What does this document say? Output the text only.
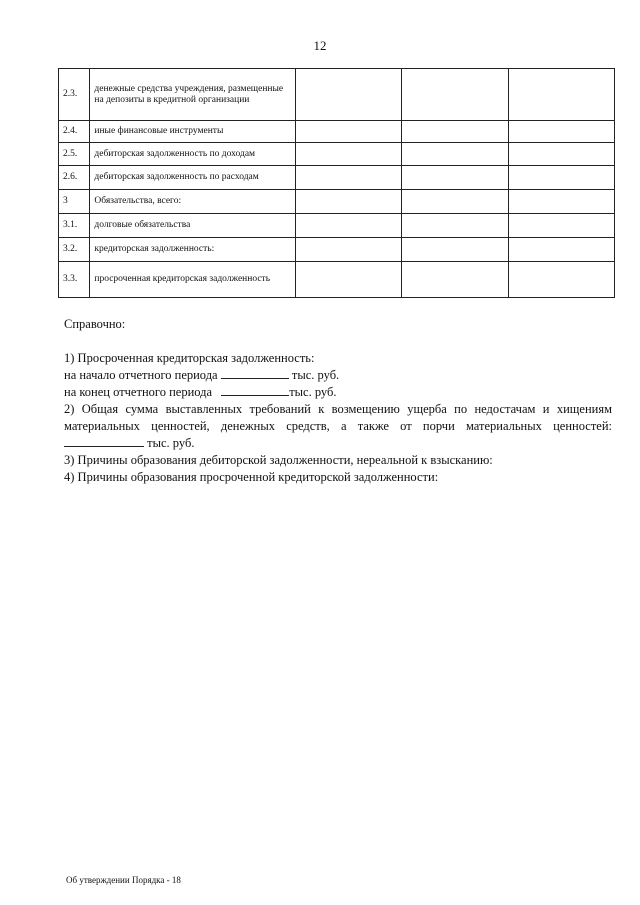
12
2.3.	денежные средства учреждения, размещенные на депозиты в кредитной организации			
2.4.	иные финансовые инструменты			
2.5.	дебиторская задолженность по доходам			
2.6.	дебиторская задолженность по расходам			
3	Обязательства, всего:			
3.1.	долговые обязательства			
3.2.	кредиторская задолженность:			
3.3.	просроченная кредиторская задолженность			

Справочно:

1) Просроченная кредиторская задолженность:

на начало отчетного периода	тыс. руб.

на конец отчетного периода	тыс. руб.

2) Общая сумма выставленных требований к возмещению ущерба по недостачам и хищениям

материальных ценностей, денежных средств, а также от порчи материальных ценностей:

тыс. руб.

3) Причины образования дебиторской задолженности, нереальной к взысканию:

4) Причины образования просроченной кредиторской задолженности:

Об утверждении Порядка - 18
